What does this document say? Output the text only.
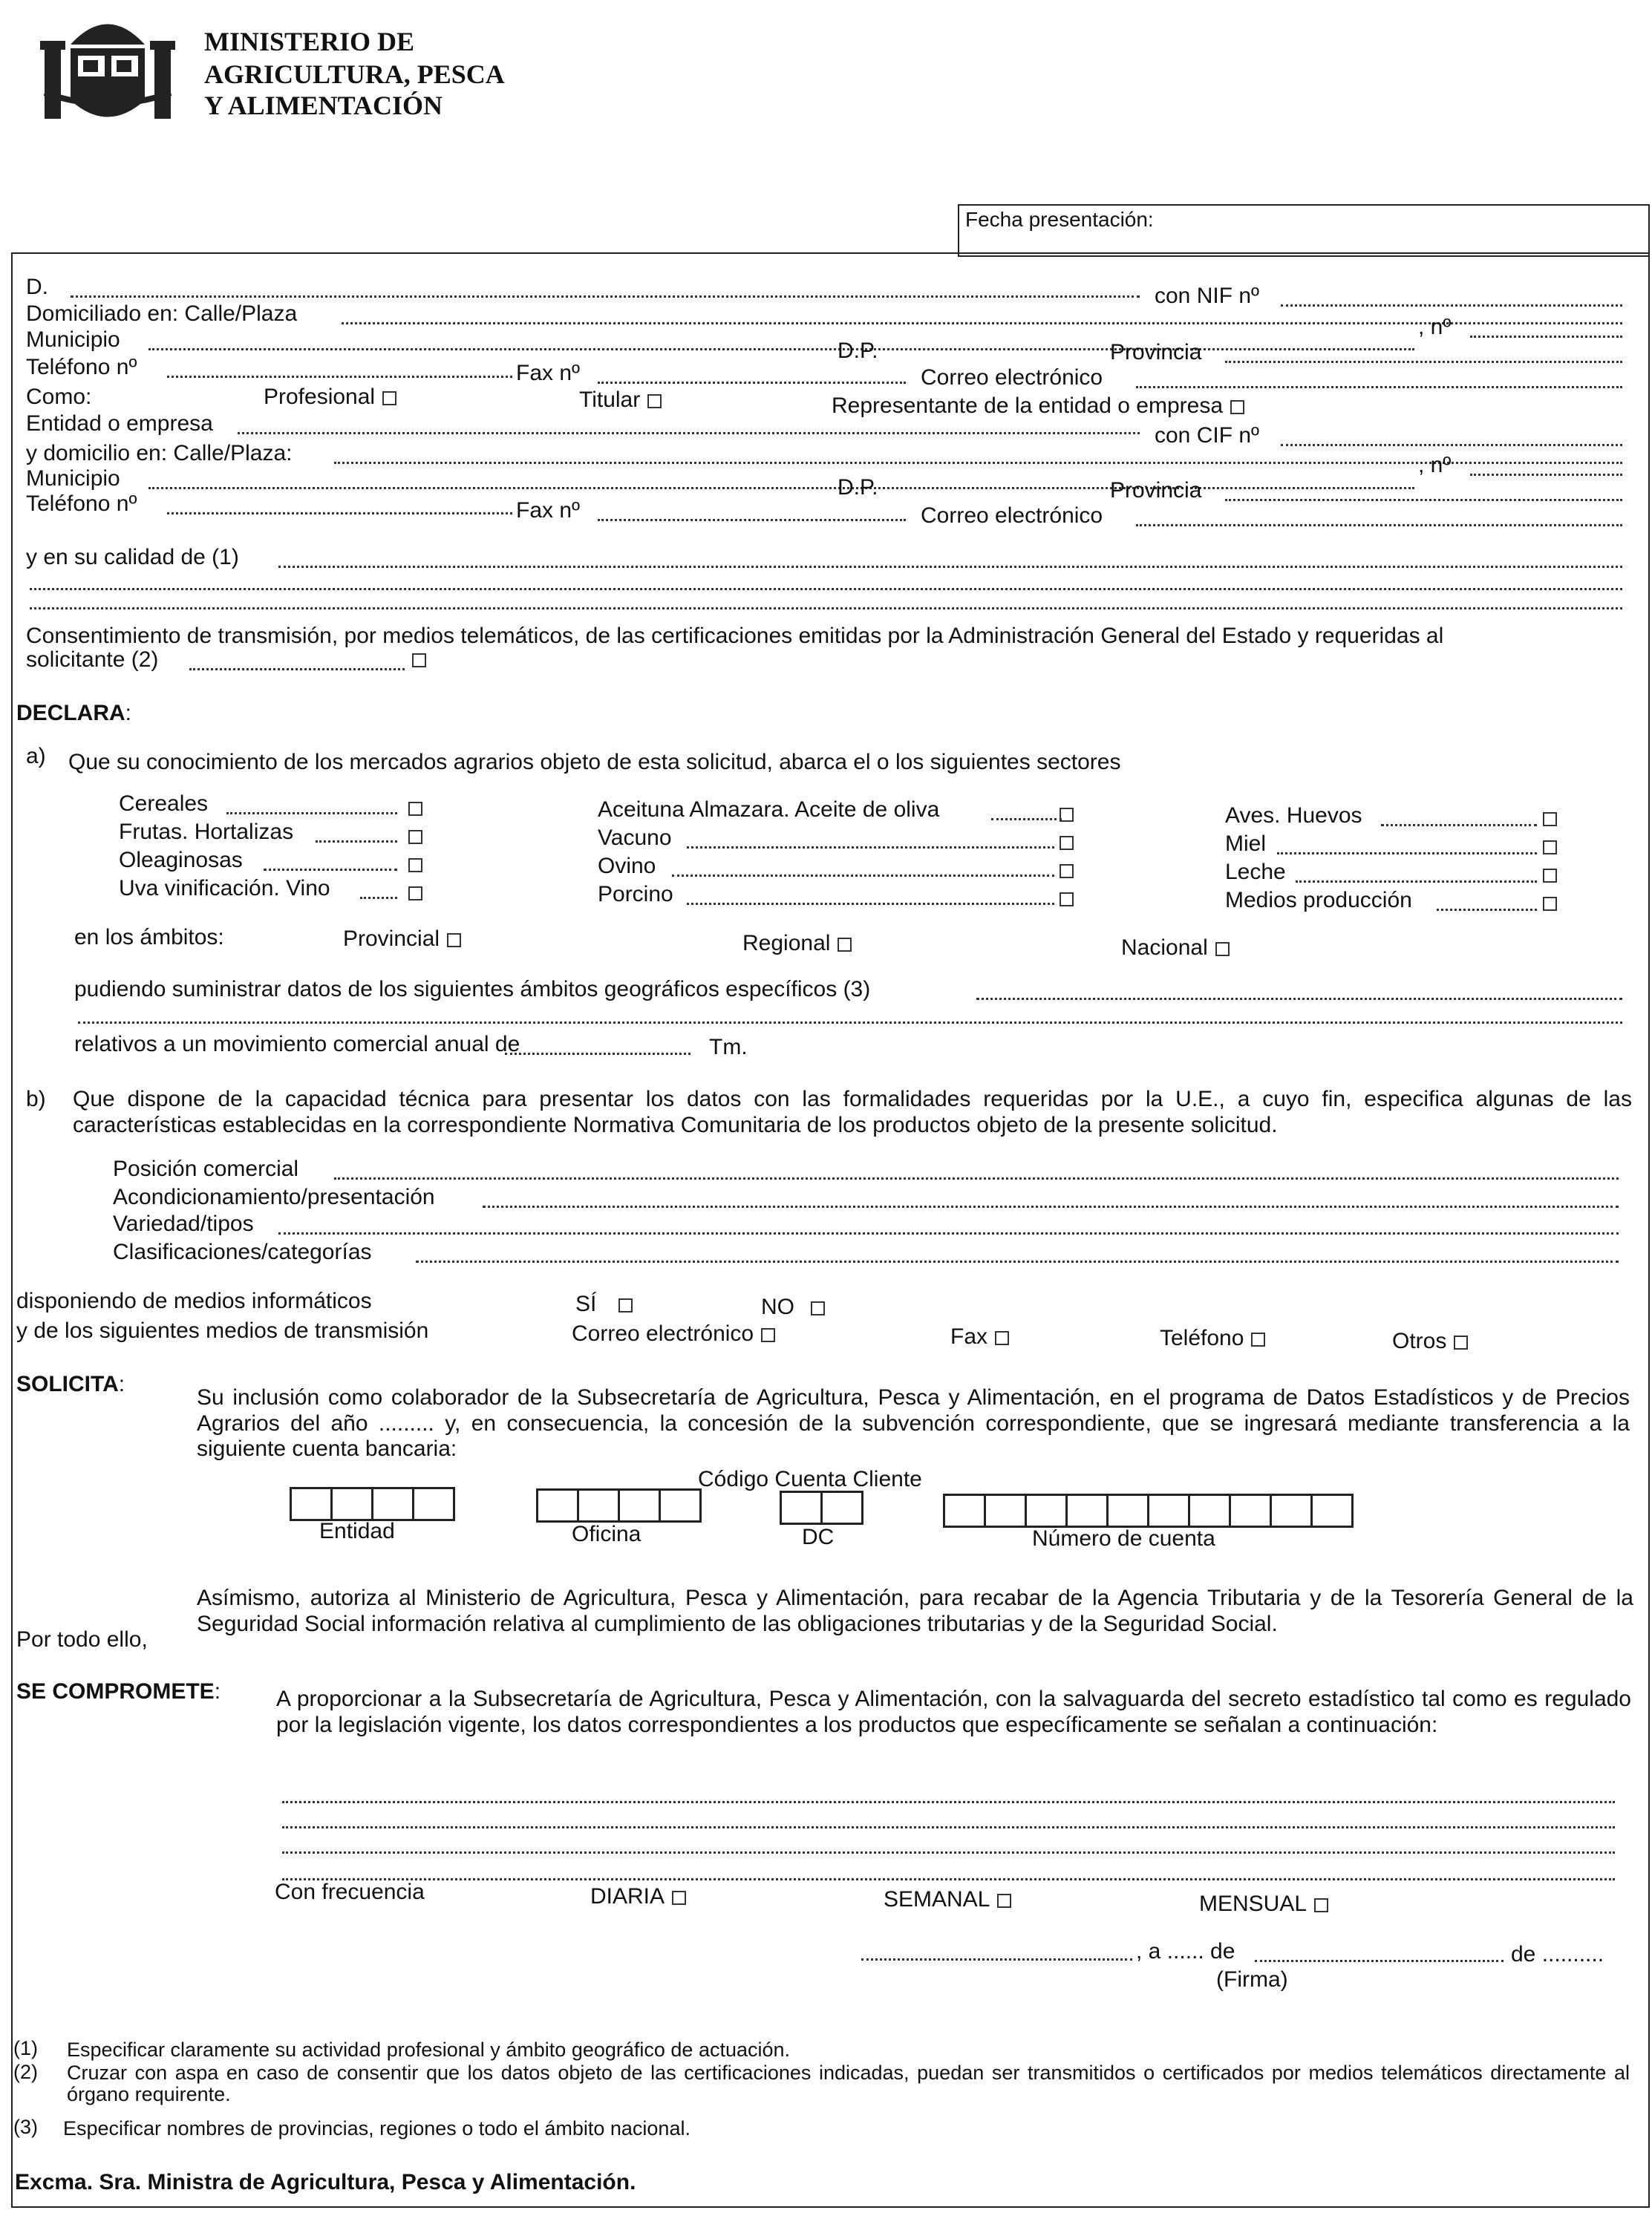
MINISTERIO DE
AGRICULTURA, PESCA
Y ALIMENTACIÓN
Fecha presentación:
D.	con NIF nº
Domiciliado en: Calle/Plaza
Municipio
, nº
D.P.	Provincia
Teléfono nº	Fax nº	Correo electrónico
Como:	Profesional	Titular	Representante de la entidad o empresa
Entidad o empresa	con CIF nº
y domicilio en: Calle/Plaza:
Municipio
, nº
D.P.	Provincia
Teléfono nº	Fax nº	Correo electrónico
y en su calidad de (1)
Consentimiento de transmisión, por medios telemáticos, de las certificaciones emitidas por la Administración General del Estado y requeridas al
solicitante (2)
DECLARA:
a) Que su conocimiento de los mercados agrarios objeto de esta solicitud, abarca el o los siguientes sectores
Cereales
Frutas. Hortalizas
Oleaginosas
Uva vinificación. Vino
Aceituna Almazara. Aceite de oliva
Vacuno
Ovino
Porcino
Aves. Huevos
Miel
Leche
Medios producción
en los ámbitos:	Provincial	Regional	Nacional
pudiendo suministrar datos de los siguientes ámbitos geográficos específicos (3)
relativos a un movimiento comercial anual de	Tm.
b) Que dispone de la capacidad técnica para presentar los datos con las formalidades requeridas por la U.E., a cuyo fin, especifica algunas de las características establecidas en la correspondiente Normativa Comunitaria de los productos objeto de la presente solicitud.
Posición comercial
Acondicionamiento/presentación
Variedad/tipos
Clasificaciones/categorías
disponiendo de medios informáticos	SÍ	NO
y de los siguientes medios de transmisión	Correo electrónico	Fax	Teléfono	Otros
SOLICITA:
Su inclusión como colaborador de la Subsecretaría de Agricultura, Pesca y Alimentación, en el programa de Datos Estadísticos y de Precios Agrarios del año ......... y, en consecuencia, la concesión de la subvención correspondiente, que se ingresará mediante transferencia a la siguiente cuenta bancaria:
Código Cuenta Cliente
Entidad	Oficina	DC	Número de cuenta
Asímismo, autoriza al Ministerio de Agricultura, Pesca y Alimentación, para recabar de la Agencia Tributaria y de la Tesorería General de la Seguridad Social información relativa al cumplimiento de las obligaciones tributarias y de la Seguridad Social.
Por todo ello,
SE COMPROMETE: A proporcionar a la Subsecretaría de Agricultura, Pesca y Alimentación, con la salvaguarda del secreto estadístico tal como es regulado por la legislación vigente, los datos correspondientes a los productos que específicamente se señalan a continuación:
Con frecuencia	DIARIA	SEMANAL	MENSUAL
, a ...... de	de ..........
(Firma)
(1) Especificar claramente su actividad profesional y ámbito geográfico de actuación.
(2) Cruzar con aspa en caso de consentir que los datos objeto de las certificaciones indicadas, puedan ser transmitidos o certificados por medios telemáticos directamente al órgano requirente.
(3) Especificar nombres de provincias, regiones o todo el ámbito nacional.
Excma. Sra. Ministra de Agricultura, Pesca y Alimentación.
